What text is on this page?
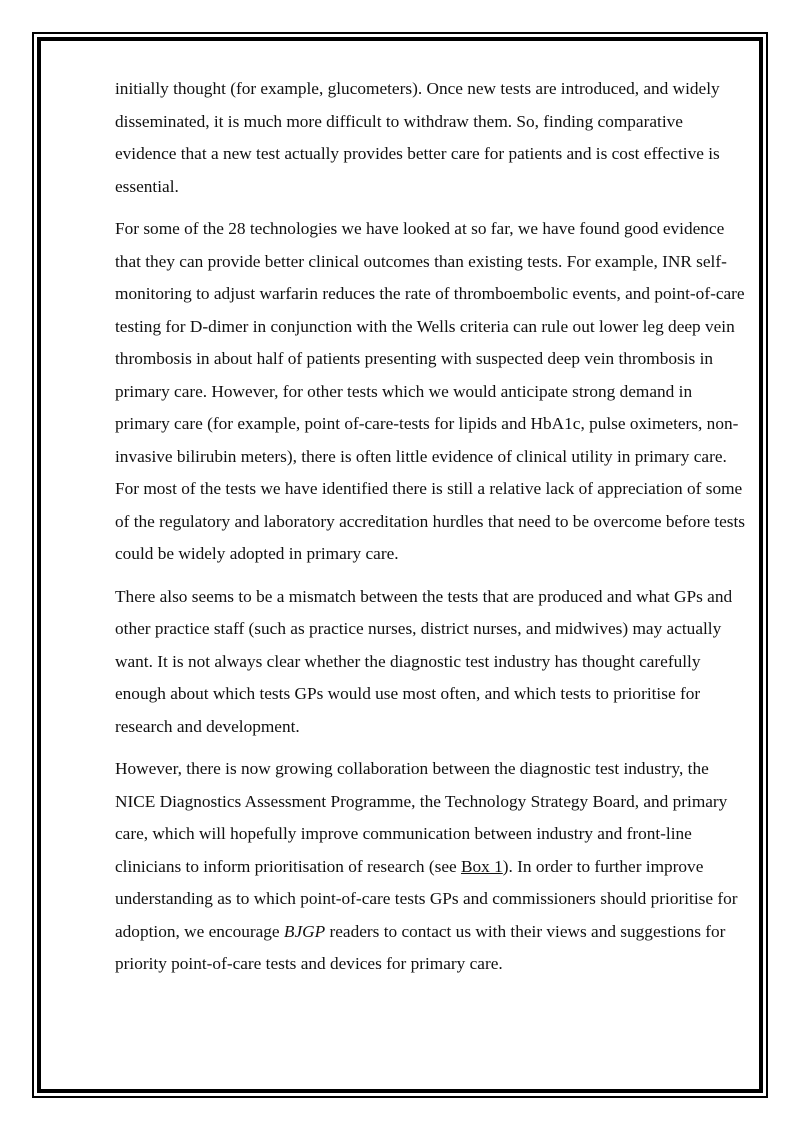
initially thought (for example, glucometers). Once new tests are introduced, and widely disseminated, it is much more difficult to withdraw them. So, finding comparative evidence that a new test actually provides better care for patients and is cost effective is essential.

For some of the 28 technologies we have looked at so far, we have found good evidence that they can provide better clinical outcomes than existing tests. For example, INR self-monitoring to adjust warfarin reduces the rate of thromboembolic events, and point-of-care testing for D-dimer in conjunction with the Wells criteria can rule out lower leg deep vein thrombosis in about half of patients presenting with suspected deep vein thrombosis in primary care. However, for other tests which we would anticipate strong demand in primary care (for example, point of-care-tests for lipids and HbA1c, pulse oximeters, non-invasive bilirubin meters), there is often little evidence of clinical utility in primary care. For most of the tests we have identified there is still a relative lack of appreciation of some of the regulatory and laboratory accreditation hurdles that need to be overcome before tests could be widely adopted in primary care.

There also seems to be a mismatch between the tests that are produced and what GPs and other practice staff (such as practice nurses, district nurses, and midwives) may actually want. It is not always clear whether the diagnostic test industry has thought carefully enough about which tests GPs would use most often, and which tests to prioritise for research and development.

However, there is now growing collaboration between the diagnostic test industry, the NICE Diagnostics Assessment Programme, the Technology Strategy Board, and primary care, which will hopefully improve communication between industry and front-line clinicians to inform prioritisation of research (see Box 1). In order to further improve understanding as to which point-of-care tests GPs and commissioners should prioritise for adoption, we encourage BJGP readers to contact us with their views and suggestions for priority point-of-care tests and devices for primary care.
